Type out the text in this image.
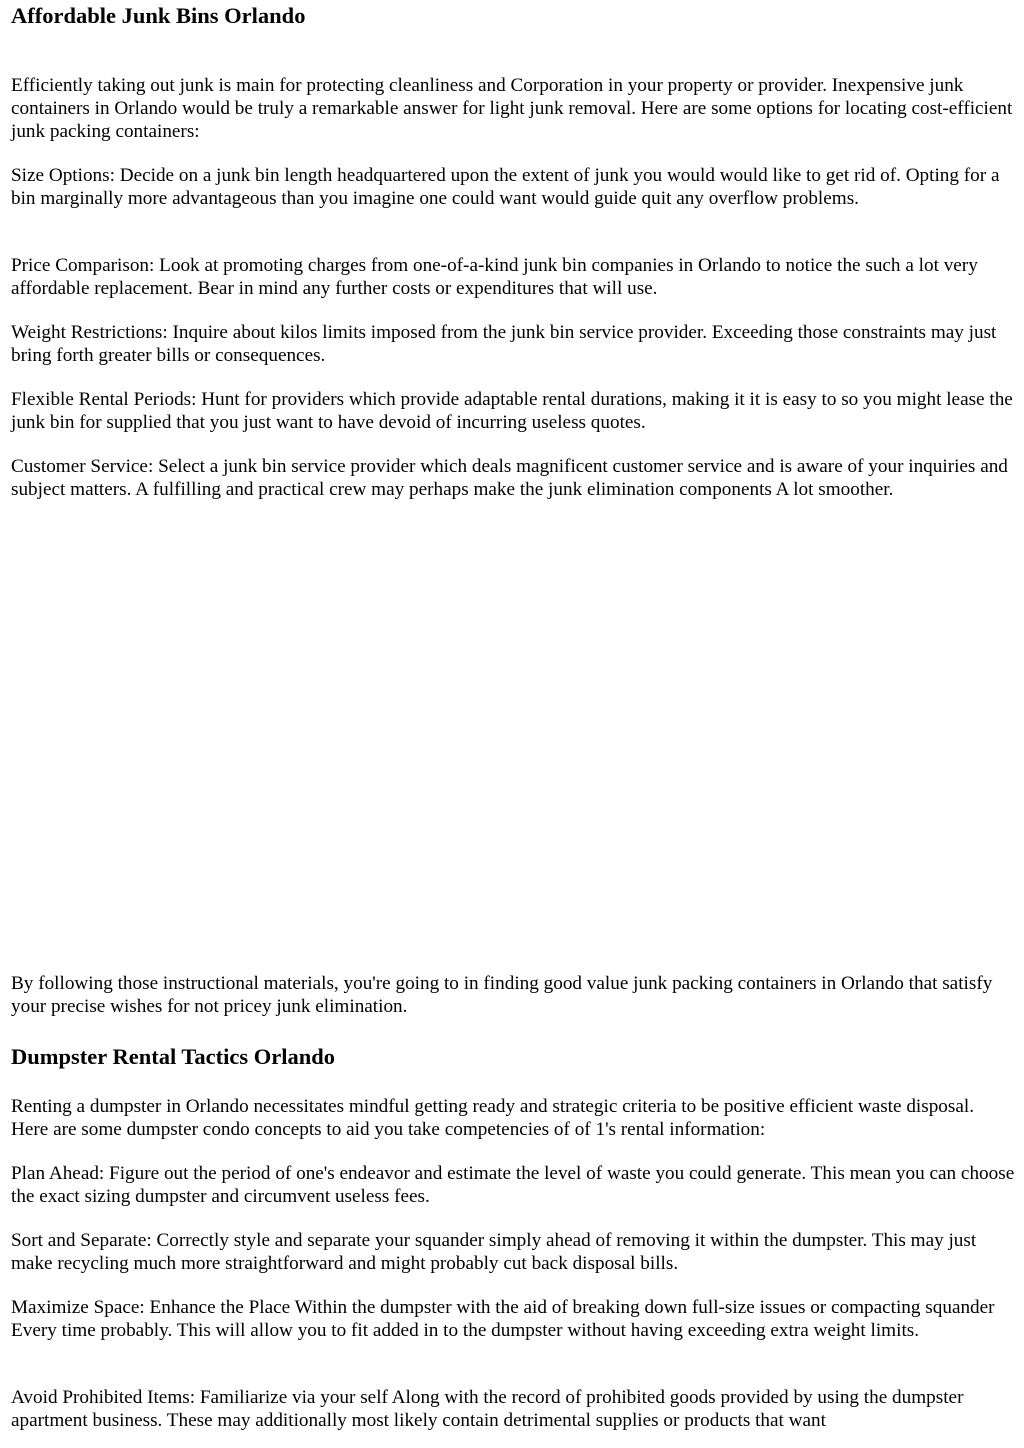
Affordable Junk Bins Orlando

Efficiently taking out junk is main for protecting cleanliness and Corporation in your property or provider. Inexpensive junk containers in Orlando would be truly a remarkable answer for light junk removal. Here are some options for locating cost-efficient junk packing containers:

Size Options: Decide on a junk bin length headquartered upon the extent of junk you would would like to get rid of. Opting for a bin marginally more advantageous than you imagine one could want would guide quit any overflow problems.

Price Comparison: Look at promoting charges from one-of-a-kind junk bin companies in Orlando to notice the such a lot very affordable replacement. Bear in mind any further costs or expenditures that will use.

Weight Restrictions: Inquire about kilos limits imposed from the junk bin service provider. Exceeding those constraints may just bring forth greater bills or consequences.

Flexible Rental Periods: Hunt for providers which provide adaptable rental durations, making it it is easy to so you might lease the junk bin for supplied that you just want to have devoid of incurring useless quotes.

Customer Service: Select a junk bin service provider which deals magnificent customer service and is aware of your inquiries and subject matters. A fulfilling and practical crew may perhaps make the junk elimination components A lot smoother.

By following those instructional materials, you're going to in finding good value junk packing containers in Orlando that satisfy your precise wishes for not pricey junk elimination.

Dumpster Rental Tactics Orlando

Renting a dumpster in Orlando necessitates mindful getting ready and strategic criteria to be positive efficient waste disposal. Here are some dumpster condo concepts to aid you take competencies of of 1's rental information:

Plan Ahead: Figure out the period of one's endeavor and estimate the level of waste you could generate. This mean you can choose the exact sizing dumpster and circumvent useless fees.

Sort and Separate: Correctly style and separate your squander simply ahead of removing it within the dumpster. This may just make recycling much more straightforward and might probably cut back disposal bills.

Maximize Space: Enhance the Place Within the dumpster with the aid of breaking down full-size issues or compacting squander Every time probably. This will allow you to fit added in to the dumpster without having exceeding extra weight limits.

Avoid Prohibited Items: Familiarize via your self Along with the record of prohibited goods provided by using the dumpster apartment business. These may additionally most likely contain detrimental supplies or products that want
